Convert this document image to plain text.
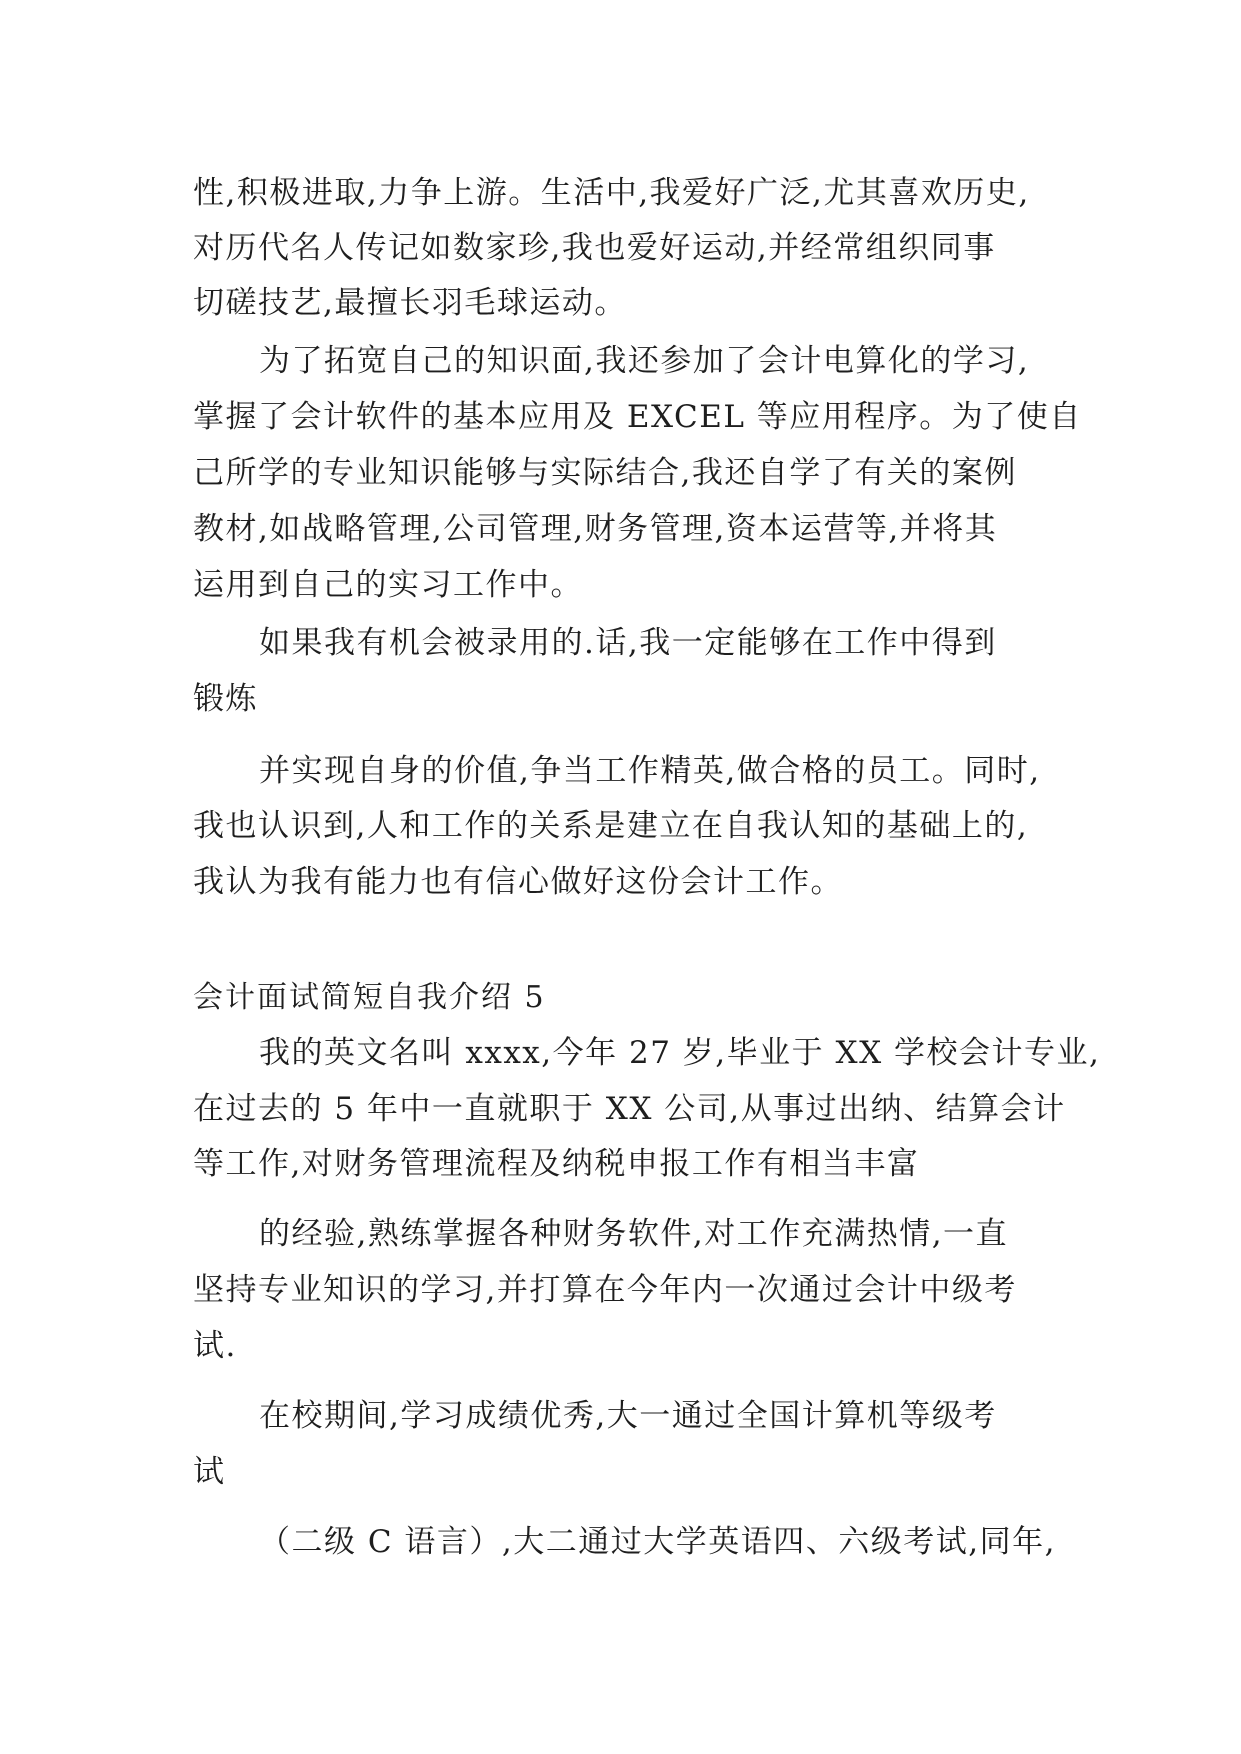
性,积极进取,力争上游。生活中,我爱好广泛,尤其喜欢历史,
对历代名人传记如数家珍,我也爱好运动,并经常组织同事
切磋技艺,最擅长羽毛球运动。
为了拓宽自己的知识面,我还参加了会计电算化的学习,
掌握了会计软件的基本应用及 EXCEL 等应用程序。为了使自
己所学的专业知识能够与实际结合,我还自学了有关的案例
教材,如战略管理,公司管理,财务管理,资本运营等,并将其
运用到自己的实习工作中。
如果我有机会被录用的.话,我一定能够在工作中得到
锻炼
并实现自身的价值,争当工作精英,做合格的员工。同时,
我也认识到,人和工作的关系是建立在自我认知的基础上的,
我认为我有能力也有信心做好这份会计工作。
会计面试简短自我介绍 5
我的英文名叫 xxxx,今年 27 岁,毕业于 XX 学校会计专业,
在过去的 5 年中一直就职于 XX 公司,从事过出纳、结算会计
等工作,对财务管理流程及纳税申报工作有相当丰富
的经验,熟练掌握各种财务软件,对工作充满热情,一直
坚持专业知识的学习,并打算在今年内一次通过会计中级考
试.
在校期间,学习成绩优秀,大一通过全国计算机等级考
试
（二级 C 语言）,大二通过大学英语四、六级考试,同年,
